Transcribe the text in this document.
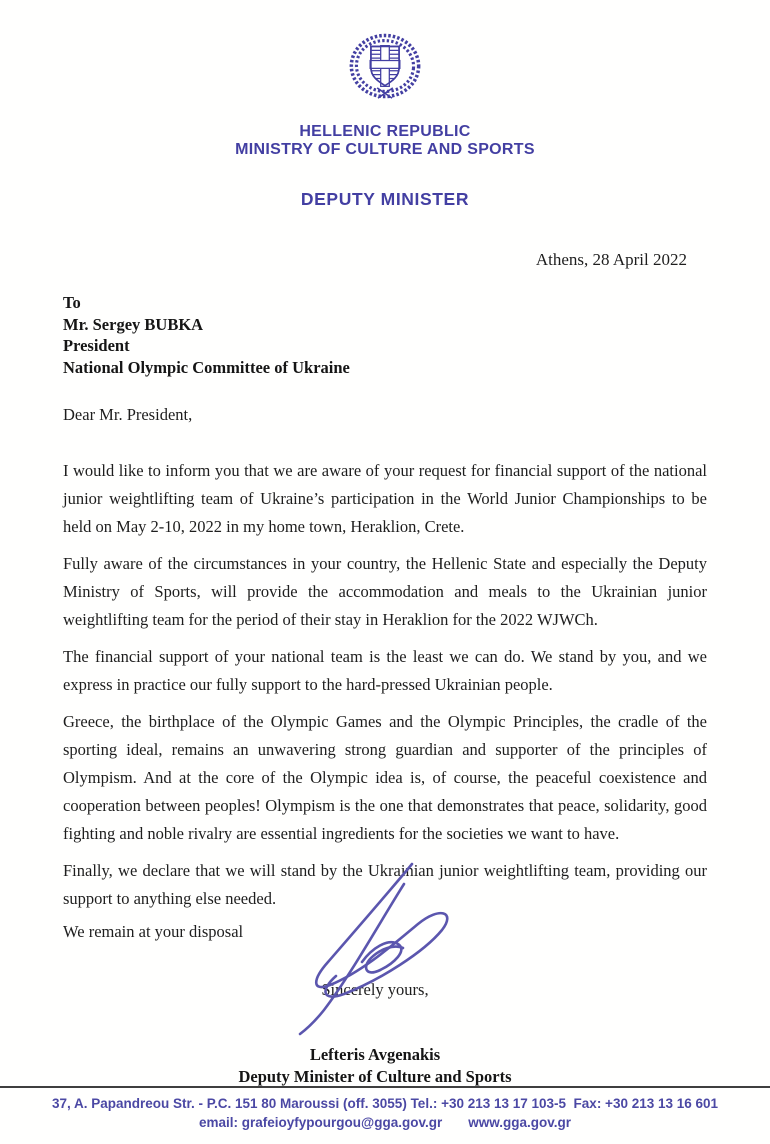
HELLENIC REPUBLIC
MINISTRY OF CULTURE AND SPORTS
DEPUTY MINISTER
Athens, 28 April 2022
To
Mr. Sergey BUBKA
President
National Olympic Committee of Ukraine
Dear Mr. President,

I would like to inform you that we are aware of your request for financial support of the national junior weightlifting team of Ukraine’s participation in the World Junior Championships to be held on May 2-10, 2022 in my home town, Heraklion, Crete.

Fully aware of the circumstances in your country, the Hellenic State and especially the Deputy Ministry of Sports, will provide the accommodation and meals to the Ukrainian junior weightlifting team for the period of their stay in Heraklion for the 2022 WJWCh.

The financial support of your national team is the least we can do. We stand by you, and we express in practice our fully support to the hard-pressed Ukrainian people.

Greece, the birthplace of the Olympic Games and the Olympic Principles, the cradle of the sporting ideal, remains an unwavering strong guardian and supporter of the principles of Olympism. And at the core of the Olympic idea is, of course, the peaceful coexistence and cooperation between peoples! Olympism is the one that demonstrates that peace, solidarity, good fighting and noble rivalry are essential ingredients for the societies we want to have.

Finally, we declare that we will stand by the Ukrainian junior weightlifting team, providing our support to anything else needed.

We remain at your disposal
Sincerely yours,
Lefteris Avgenakis
Deputy Minister of Culture and Sports
37, A. Papandreou Str. - P.C. 151 80 Maroussi (off. 3055) Tel.: +30 213 13 17 103-5  Fax: +30 213 13 16 601
email: grafeioyfypourgou@gga.gov.gr www.gga.gov.gr
